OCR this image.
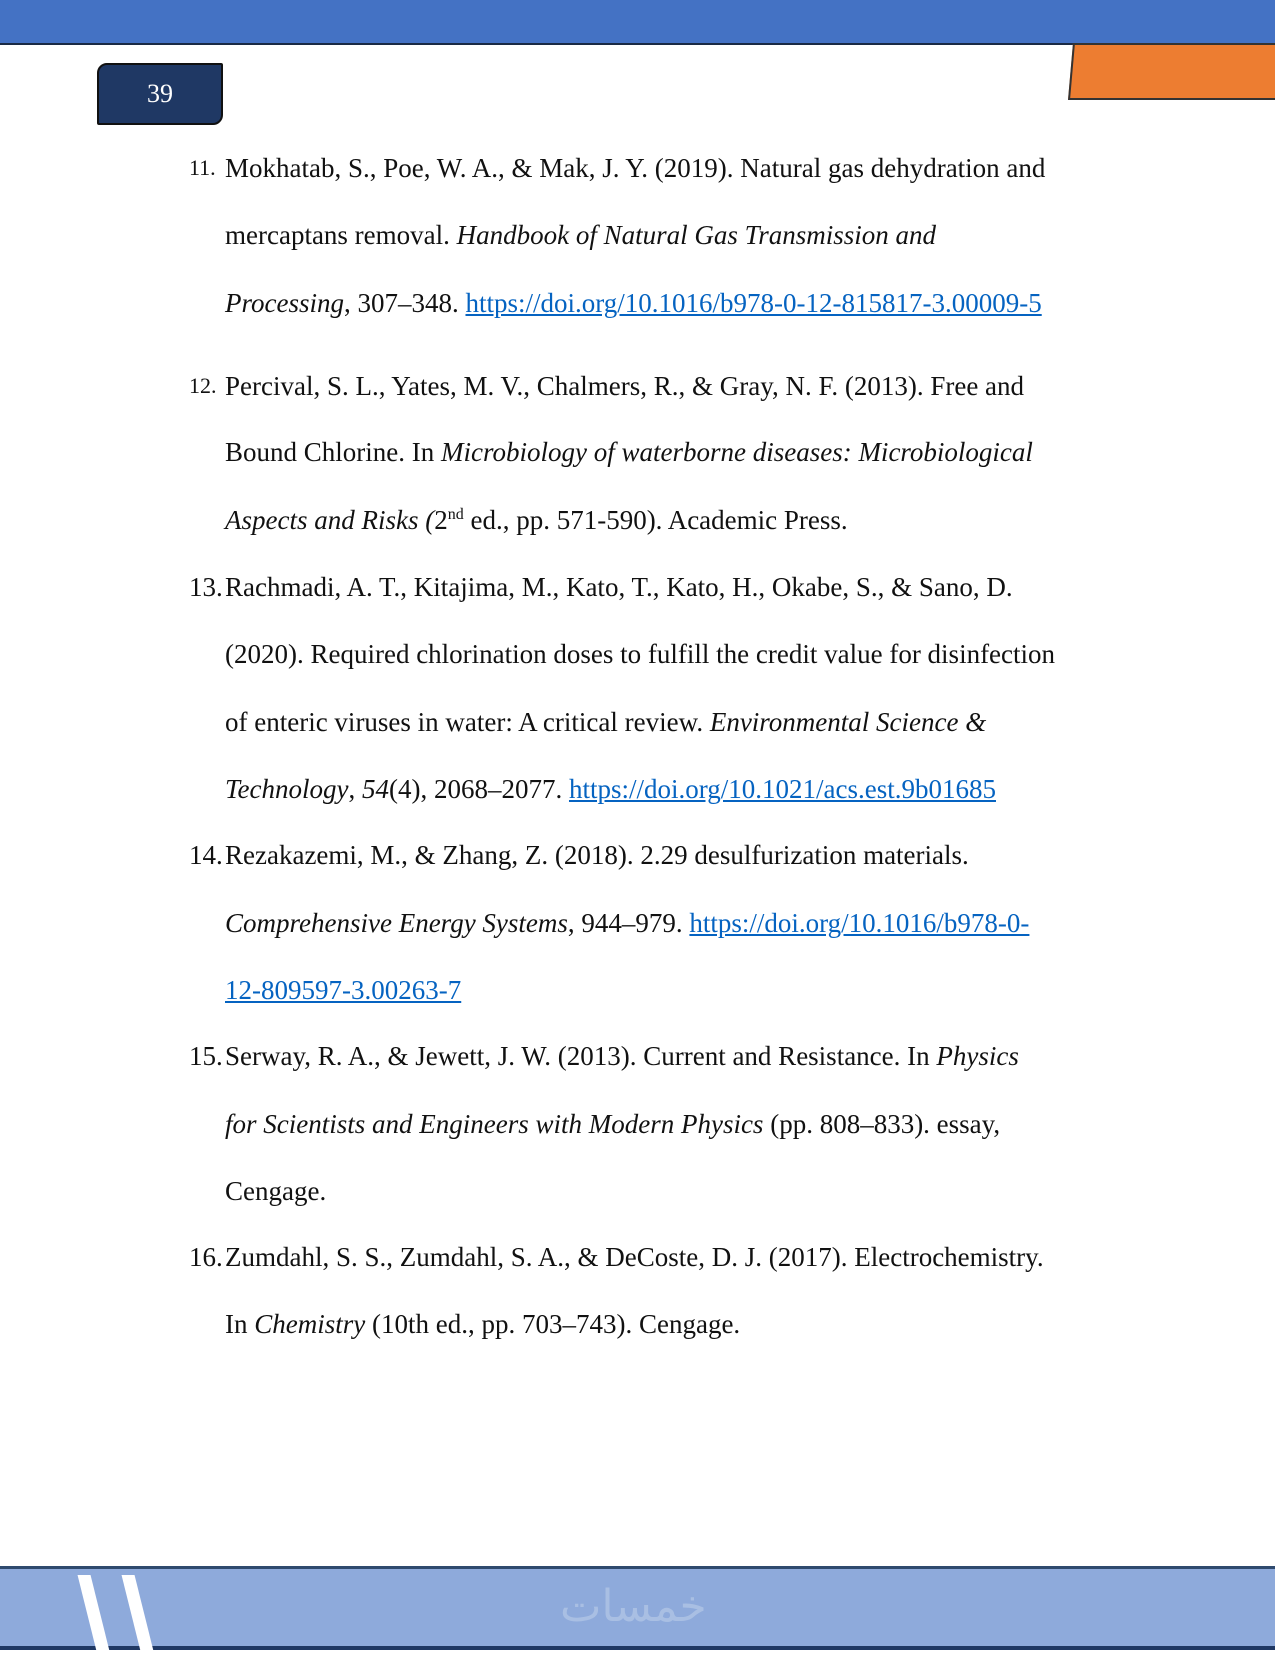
39
11. Mokhatab, S., Poe, W. A., & Mak, J. Y. (2019). Natural gas dehydration and
mercaptans removal. Handbook of Natural Gas Transmission and
Processing, 307–348. https://doi.org/10.1016/b978-0-12-815817-3.00009-5
12. Percival, S. L., Yates, M. V., Chalmers, R., & Gray, N. F. (2013). Free and
Bound Chlorine. In Microbiology of waterborne diseases: Microbiological
Aspects and Risks (2nd ed., pp. 571-590). Academic Press.
13. Rachmadi, A. T., Kitajima, M., Kato, T., Kato, H., Okabe, S., & Sano, D.
(2020). Required chlorination doses to fulfill the credit value for disinfection
of enteric viruses in water: A critical review. Environmental Science &
Technology, 54(4), 2068–2077. https://doi.org/10.1021/acs.est.9b01685
14. Rezakazemi, M., & Zhang, Z. (2018). 2.29 desulfurization materials.
Comprehensive Energy Systems, 944–979. https://doi.org/10.1016/b978-0-
12-809597-3.00263-7
15. Serway, R. A., & Jewett, J. W. (2013). Current and Resistance. In Physics
for Scientists and Engineers with Modern Physics (pp. 808–833). essay,
Cengage.
16. Zumdahl, S. S., Zumdahl, S. A., & DeCoste, D. J. (2017). Electrochemistry.
In Chemistry (10th ed., pp. 703–743). Cengage.
خمسات
